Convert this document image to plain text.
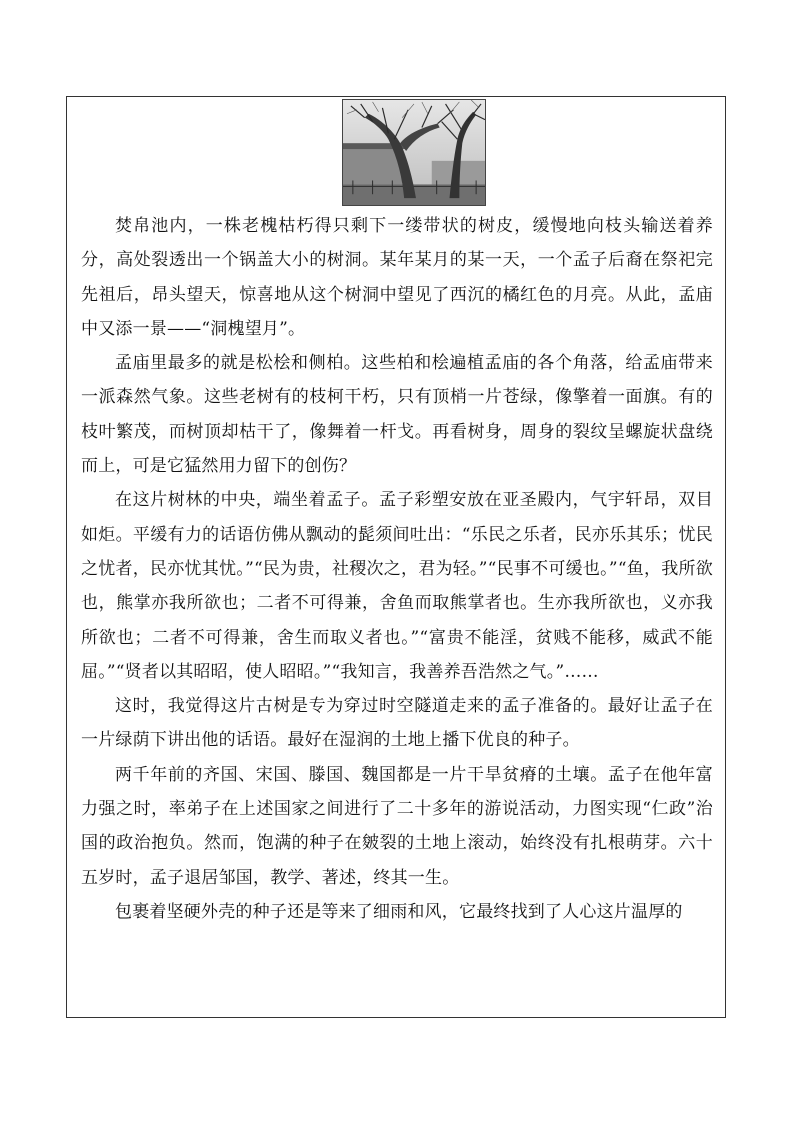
焚帛池内，一株老槐枯朽得只剩下一缕带状的树皮，缓慢地向枝头输送着养分，高处裂透出一个锅盖大小的树洞。某年某月的某一天，一个孟子后裔在祭祀完先祖后，昂头望天，惊喜地从这个树洞中望见了西沉的橘红色的月亮。从此，孟庙中又添一景——“洞槐望月”。

孟庙里最多的就是松桧和侧柏。这些柏和桧遍植孟庙的各个角落，给孟庙带来一派森然气象。这些老树有的枝柯干朽，只有顶梢一片苍绿，像擎着一面旗。有的枝叶繁茂，而树顶却枯干了，像舞着一杆戈。再看树身，周身的裂纹呈螺旋状盘绕而上，可是它猛然用力留下的创伤？

在这片树林的中央，端坐着孟子。孟子彩塑安放在亚圣殿内，气宇轩昂，双目如炬。平缓有力的话语仿佛从飘动的髭须间吐出：“乐民之乐者，民亦乐其乐；忧民之忧者，民亦忧其忧。”“民为贵，社稷次之，君为轻。”“民事不可缓也。”“鱼，我所欲也，熊掌亦我所欲也；二者不可得兼，舍鱼而取熊掌者也。生亦我所欲也，义亦我所欲也；二者不可得兼，舍生而取义者也。”“富贵不能淫，贫贱不能移，威武不能屈。”“贤者以其昭昭，使人昭昭。”“我知言，我善养吾浩然之气。”……

这时，我觉得这片古树是专为穿过时空隧道走来的孟子准备的。最好让孟子在一片绿荫下讲出他的话语。最好在湿润的土地上播下优良的种子。

两千年前的齐国、宋国、滕国、魏国都是一片干旱贫瘠的土壤。孟子在他年富力强之时，率弟子在上述国家之间进行了二十多年的游说活动，力图实现“仁政”治国的政治抱负。然而，饱满的种子在皴裂的土地上滚动，始终没有扎根萌芽。六十五岁时，孟子退居邹国，教学、著述，终其一生。

包裹着坚硬外壳的种子还是等来了细雨和风，它最终找到了人心这片温厚的
